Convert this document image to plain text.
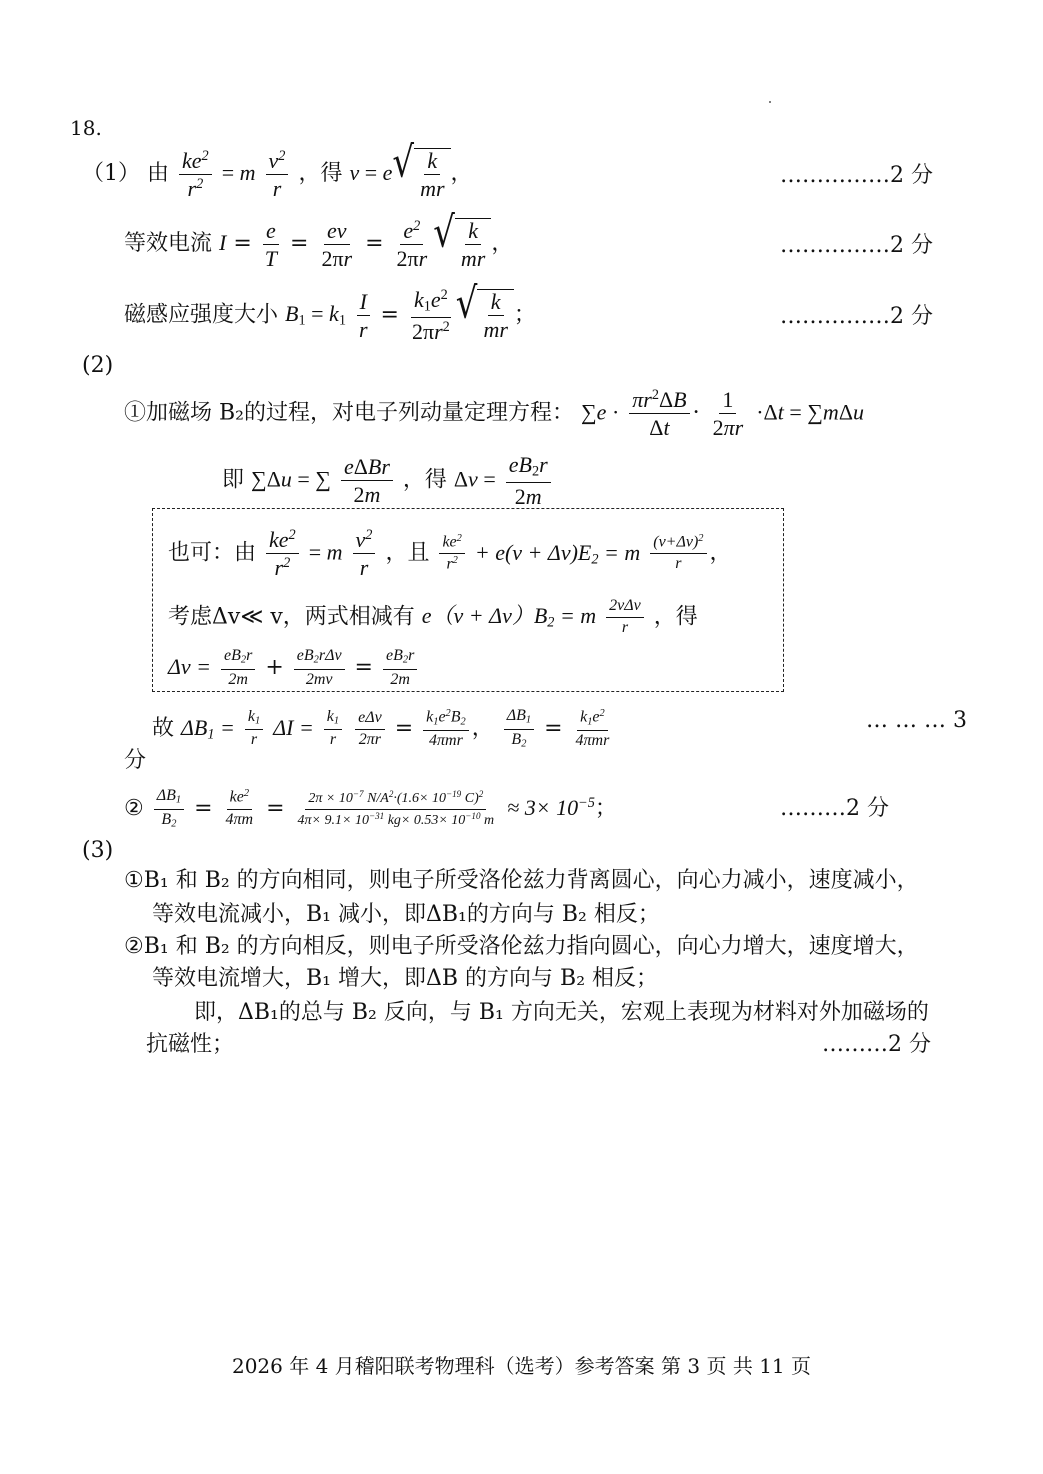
18.
（1） 由 $\frac{ke^2}{r^2} = m \frac{v^2}{r}$ ，得 v = e √ $\frac{k}{mr}$ ，	……………2 分
等效电流 $I = \frac{e}{T} = \frac{ev}{2\pi r} = \frac{e^2}{2\pi r}$ √ $\frac{k}{mr}$ ，	……………2 分
磁感应强度大小 $B_1 = k_1 \frac{I}{r} = \frac{k_1e^2}{2\pi r^2}$ √ $\frac{k}{mr}$ ；	……………2 分
(2)
①加磁场 B₂的过程，对电子列动量定理方程： $\sum e \cdot \frac{\pi r^2\Delta B}{\Delta t} \cdot \frac{1}{2\pi r} \cdot\Delta t = \sum m\Delta u$
即 ∑Δu = ∑ $\frac{\text{eΔBr}}{2m}$ ，得 $\Delta v = \frac{eB_2r}{2m}$
也可：由 $\frac{ke^2}{r^2} = m \frac{v^2}{r}$ ，且 $\frac{ke^2}{r^2} + e(v + \Delta v)E_2 = m \frac{(v+\Delta v)^2}{r}$ ，
考虑Δv≪ v，两式相减有 $e(v + \Delta v)B_2 = m \frac{\text{2vΔv}}{r}$ ，得
$\Delta v = \frac{eB_2r}{2m} + \frac{eB_2r\Delta v}{2mv} = \frac{eB_2r}{2m}$
故 $\Delta B_1 = \frac{k_1}{r}$ $\Delta I = \frac{k_1}{r}$
$\frac{\text{eΔv}}{2\pi r} = \frac{k_1e^2B_2}{\text{4πmr}}$ ， $\frac{\Delta B_1}{B_2} = \frac{k_1e^2}{\text{4πmr}}$	… … … 3
分
② $\frac{\Delta B_1}{B_2} = \frac{ke^2}{4\pi m} = \frac{2\pi \times 10^{-7} N/A^2\cdot(1.6\times 10^{-19} C)^2}{4\pi\times 9.1\times 10^{-31} kg\times 0.53\times 10^{-10} m} \approx 3\times 10^{-5}$；	………2 分
(3)
①B₁ 和 B₂ 的方向相同，则电子所受洛伦兹力背离圆心，向心力减小，速度减小，
等效电流减小，B₁ 减小，即ΔB₁的方向与 B₂ 相反；
②B₁ 和 B₂ 的方向相反，则电子所受洛伦兹力指向圆心，向心力增大，速度增大，
等效电流增大，B₁ 增大，即ΔB 的方向与 B₂ 相反；
即，ΔB₁的总与 B₂ 反向，与 B₁ 方向无关，宏观上表现为材料对外加磁场的
抗磁性；	………2 分
2026 年 4 月稽阳联考物理科（选考）参考答案 第 3 页 共 11 页
